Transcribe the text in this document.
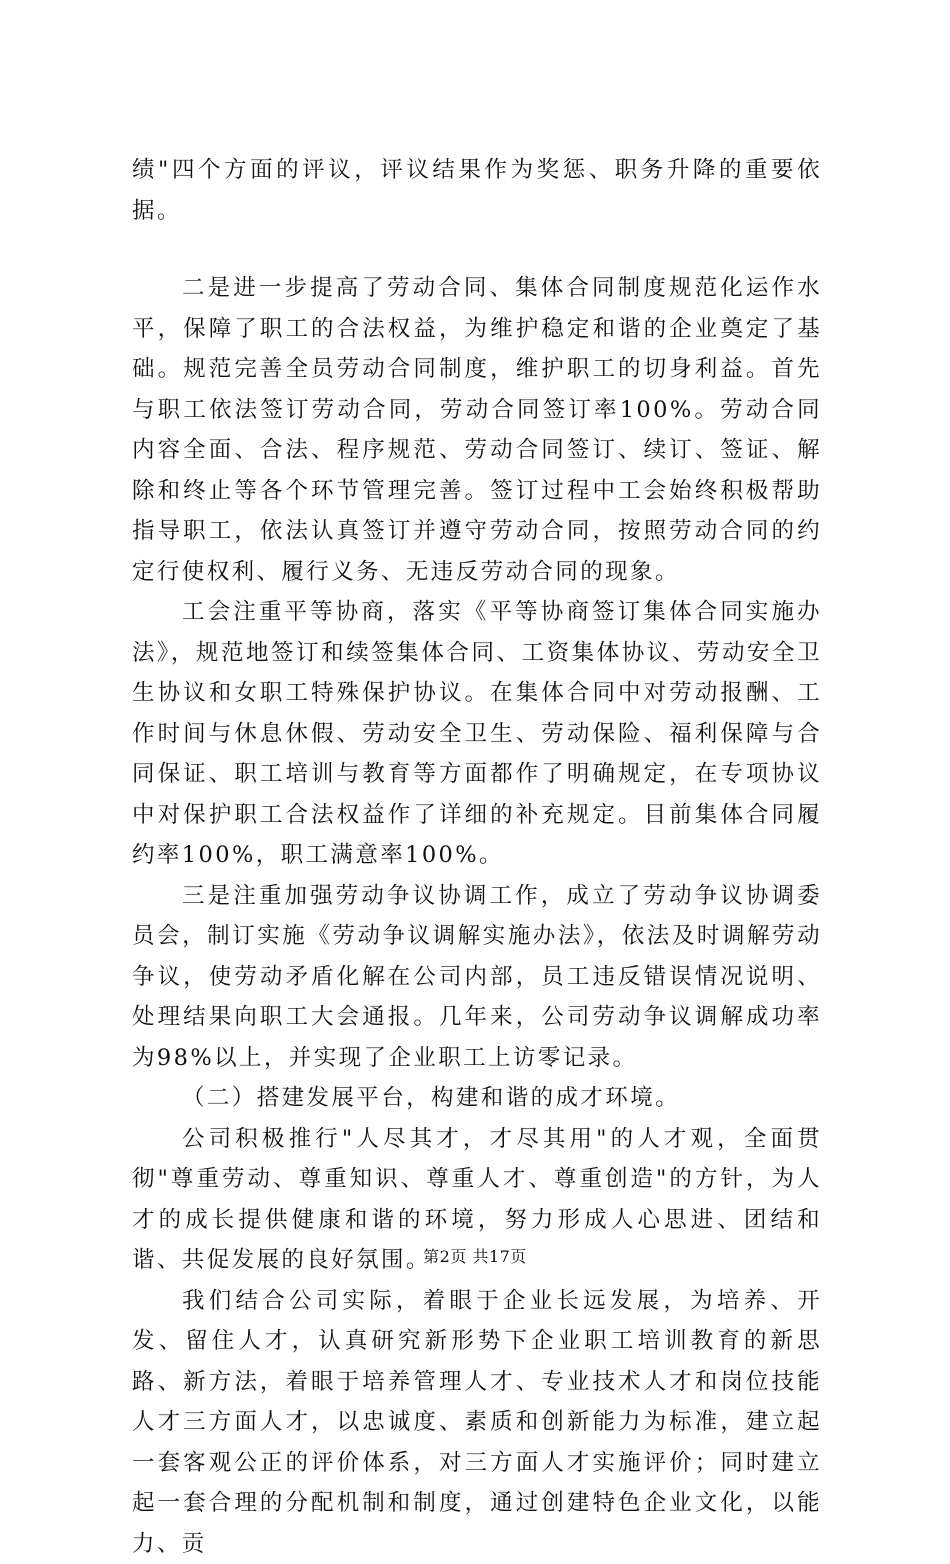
绩"四个方面的评议，评议结果作为奖惩、职务升降的重要依据。

二是进一步提高了劳动合同、集体合同制度规范化运作水平，保障了职工的合法权益，为维护稳定和谐的企业奠定了基础。规范完善全员劳动合同制度，维护职工的切身利益。首先与职工依法签订劳动合同，劳动合同签订率100%。劳动合同内容全面、合法、程序规范、劳动合同签订、续订、签证、解除和终止等各个环节管理完善。签订过程中工会始终积极帮助指导职工，依法认真签订并遵守劳动合同，按照劳动合同的约定行使权利、履行义务、无违反劳动合同的现象。

工会注重平等协商，落实《平等协商签订集体合同实施办法》，规范地签订和续签集体合同、工资集体协议、劳动安全卫生协议和女职工特殊保护协议。在集体合同中对劳动报酬、工作时间与休息休假、劳动安全卫生、劳动保险、福利保障与合同保证、职工培训与教育等方面都作了明确规定，在专项协议中对保护职工合法权益作了详细的补充规定。目前集体合同履约率100%，职工满意率100%。

三是注重加强劳动争议协调工作，成立了劳动争议协调委员会，制订实施《劳动争议调解实施办法》，依法及时调解劳动争议，使劳动矛盾化解在公司内部，员工违反错误情况说明、处理结果向职工大会通报。几年来，公司劳动争议调解成功率为98%以上，并实现了企业职工上访零记录。

（二）搭建发展平台，构建和谐的成才环境。

公司积极推行"人尽其才，才尽其用"的人才观，全面贯彻"尊重劳动、尊重知识、尊重人才、尊重创造"的方针，为人才的成长提供健康和谐的环境，努力形成人心思进、团结和谐、共促发展的良好氛围。

我们结合公司实际，着眼于企业长远发展，为培养、开发、留住人才，认真研究新形势下企业职工培训教育的新思路、新方法，着眼于培养管理人才、专业技术人才和岗位技能人才三方面人才，以忠诚度、素质和创新能力为标准，建立起一套客观公正的评价体系，对三方面人才实施评价；同时建立起一套合理的分配机制和制度，通过创建特色企业文化，以能力、贡

第2页 共17页
